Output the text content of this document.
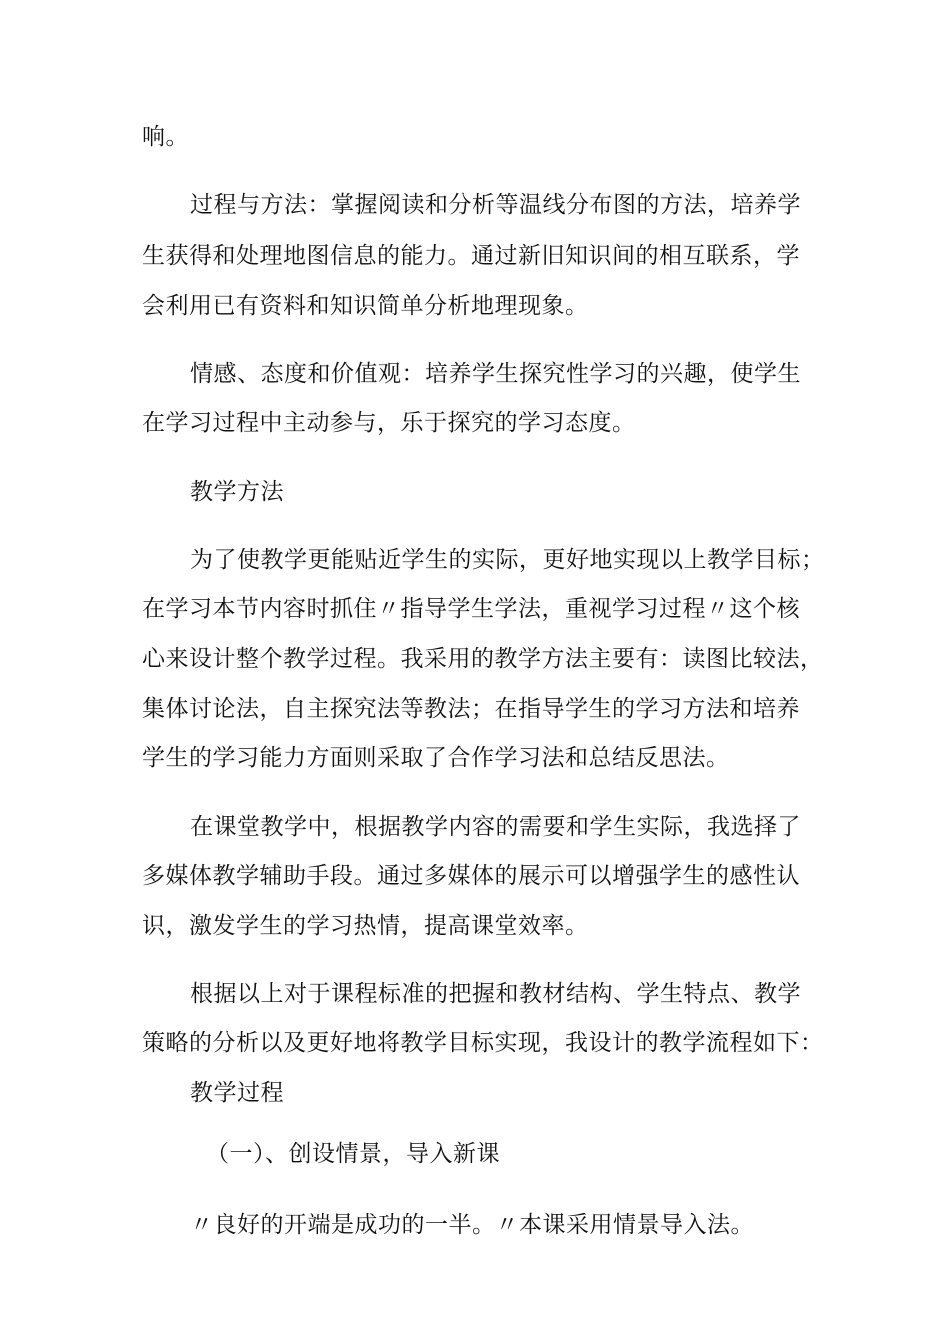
响。
过程与方法：掌握阅读和分析等温线分布图的方法，培养学
生获得和处理地图信息的能力。通过新旧知识间的相互联系，学
会利用已有资料和知识简单分析地理现象。
情感、态度和价值观：培养学生探究性学习的兴趣，使学生
在学习过程中主动参与，乐于探究的学习态度。
教学方法
为了使教学更能贴近学生的实际，更好地实现以上教学目标；
在学习本节内容时抓住〃指导学生学法，重视学习过程〃这个核
心来设计整个教学过程。我采用的教学方法主要有：读图比较法，
集体讨论法，自主探究法等教法；在指导学生的学习方法和培养
学生的学习能力方面则采取了合作学习法和总结反思法。
在课堂教学中，根据教学内容的需要和学生实际，我选择了
多媒体教学辅助手段。通过多媒体的展示可以增强学生的感性认
识，激发学生的学习热情，提高课堂效率。
根据以上对于课程标准的把握和教材结构、学生特点、教学
策略的分析以及更好地将教学目标实现，我设计的教学流程如下：
教学过程
（一）、创设情景，导入新课
〃良好的开端是成功的一半。〃本课采用情景导入法。
